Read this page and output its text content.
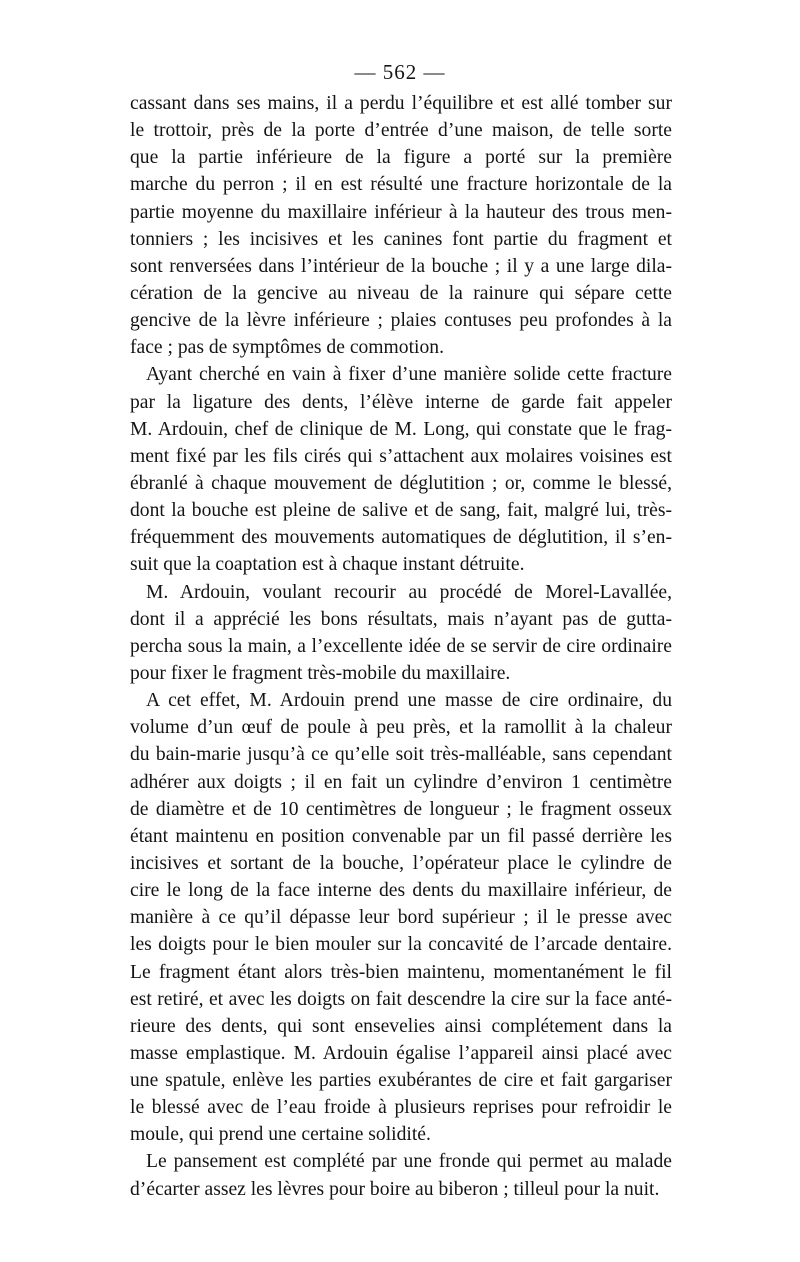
— 562 —
cassant dans ses mains, il a perdu l’équilibre et est allé tomber sur
le trottoir, près de la porte d’entrée d’une maison, de telle sorte
que la partie inférieure de la figure a porté sur la première
marche du perron ; il en est résulté une fracture horizontale de la
partie moyenne du maxillaire inférieur à la hauteur des trous men-
tonniers ; les incisives et les canines font partie du fragment et
sont renversées dans l’intérieur de la bouche ; il y a une large dila-
cération de la gencive au niveau de la rainure qui sépare cette
gencive de la lèvre inférieure ; plaies contuses peu profondes à la
face ; pas de symptômes de commotion.
Ayant cherché en vain à fixer d’une manière solide cette fracture
par la ligature des dents, l’élève interne de garde fait appeler
M. Ardouin, chef de clinique de M. Long, qui constate que le frag-
ment fixé par les fils cirés qui s’attachent aux molaires voisines est
ébranlé à chaque mouvement de déglutition ; or, comme le blessé,
dont la bouche est pleine de salive et de sang, fait, malgré lui, très-
fréquemment des mouvements automatiques de déglutition, il s’en-
suit que la coaptation est à chaque instant détruite.
M. Ardouin, voulant recourir au procédé de Morel-Lavallée,
dont il a apprécié les bons résultats, mais n’ayant pas de gutta-
percha sous la main, a l’excellente idée de se servir de cire ordinaire
pour fixer le fragment très-mobile du maxillaire.
A cet effet, M. Ardouin prend une masse de cire ordinaire, du
volume d’un œuf de poule à peu près, et la ramollit à la chaleur
du bain-marie jusqu’à ce qu’elle soit très-malléable, sans cependant
adhérer aux doigts ; il en fait un cylindre d’environ 1 centimètre
de diamètre et de 10 centimètres de longueur ; le fragment osseux
étant maintenu en position convenable par un fil passé derrière les
incisives et sortant de la bouche, l’opérateur place le cylindre de
cire le long de la face interne des dents du maxillaire inférieur, de
manière à ce qu’il dépasse leur bord supérieur ; il le presse avec
les doigts pour le bien mouler sur la concavité de l’arcade dentaire.
Le fragment étant alors très-bien maintenu, momentanément le fil
est retiré, et avec les doigts on fait descendre la cire sur la face anté-
rieure des dents, qui sont ensevelies ainsi complétement dans la
masse emplastique. M. Ardouin égalise l’appareil ainsi placé avec
une spatule, enlève les parties exubérantes de cire et fait gargariser
le blessé avec de l’eau froide à plusieurs reprises pour refroidir le
moule, qui prend une certaine solidité.
Le pansement est complété par une fronde qui permet au malade
d’écarter assez les lèvres pour boire au biberon ; tilleul pour la nuit.
